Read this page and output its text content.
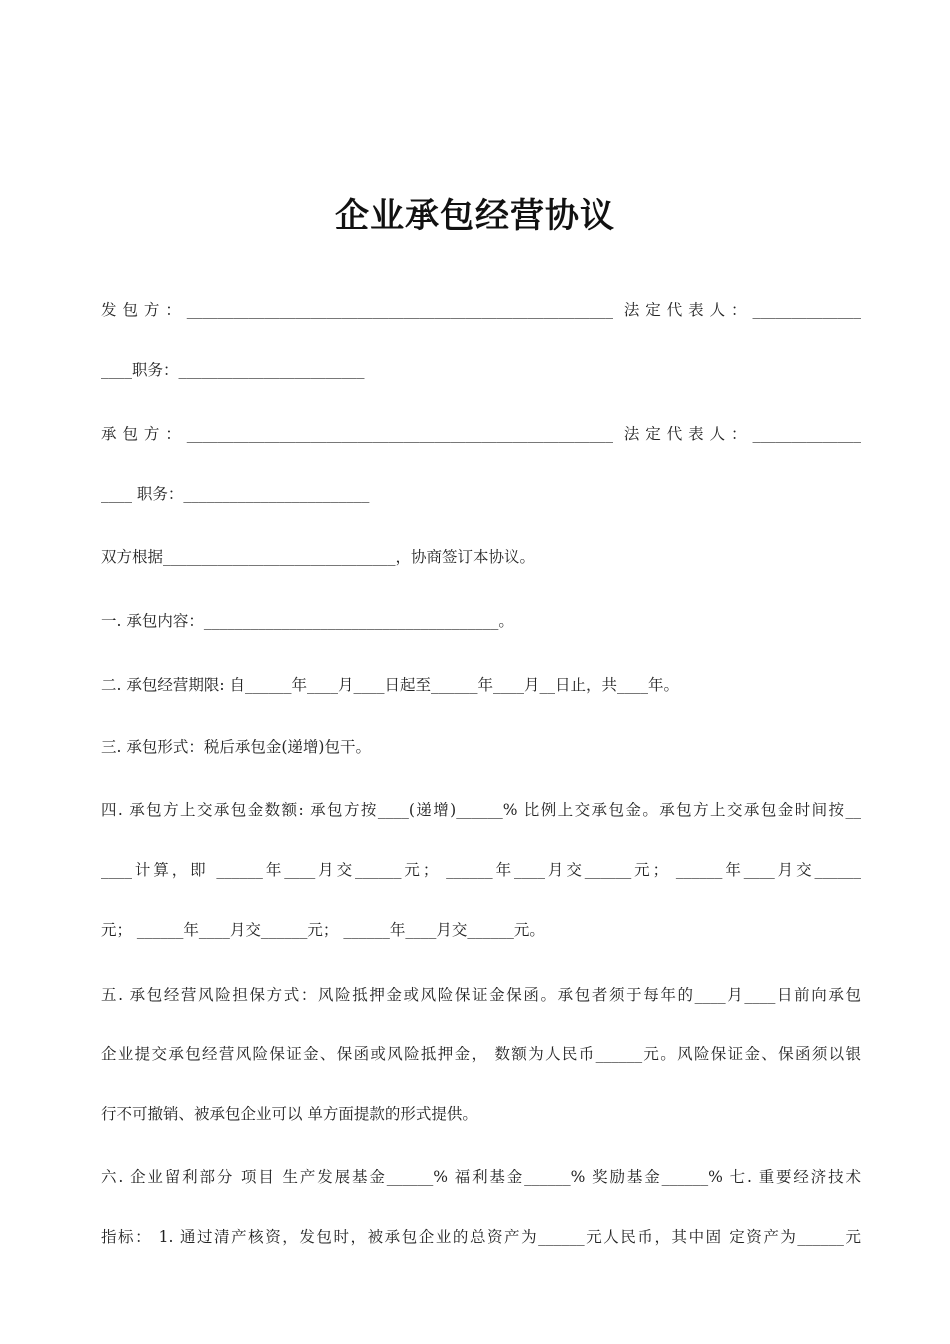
企业承包经营协议
发包方：_______________________________________________________ 法定代表人：______________
____职务：________________________
承包方：_______________________________________________________ 法定代表人：______________
____ 职务：________________________
双方根据______________________________，协商签订本协议。
一. 承包内容：______________________________________。
二. 承包经营期限: 自______年____月____日起至______年____月__日止，共____年。
三. 承包形式：税后承包金(递增)包干。
四. 承包方上交承包金数额: 承包方按____(递增)______% 比例上交承包金。承包方上交承包金时间按__
____计算，即 ______年____月交______元； ______年____月交______元； ______年____月交______
元； ______年____月交______元； ______年____月交______元。
五. 承包经营风险担保方式：风险抵押金或风险保证金保函。承包者须于每年的____月____日前向承包
企业提交承包经营风险保证金、保函或风险抵押金， 数额为人民币______元。风险保证金、保函须以银
行不可撤销、被承包企业可以 单方面提款的形式提供。
六. 企业留利部分 项目 生产发展基金______% 福利基金______% 奖励基金______% 七. 重要经济技术
指标： 1. 通过清产核资，发包时，被承包企业的总资产为______元人民币，其中固 定资产为______元
